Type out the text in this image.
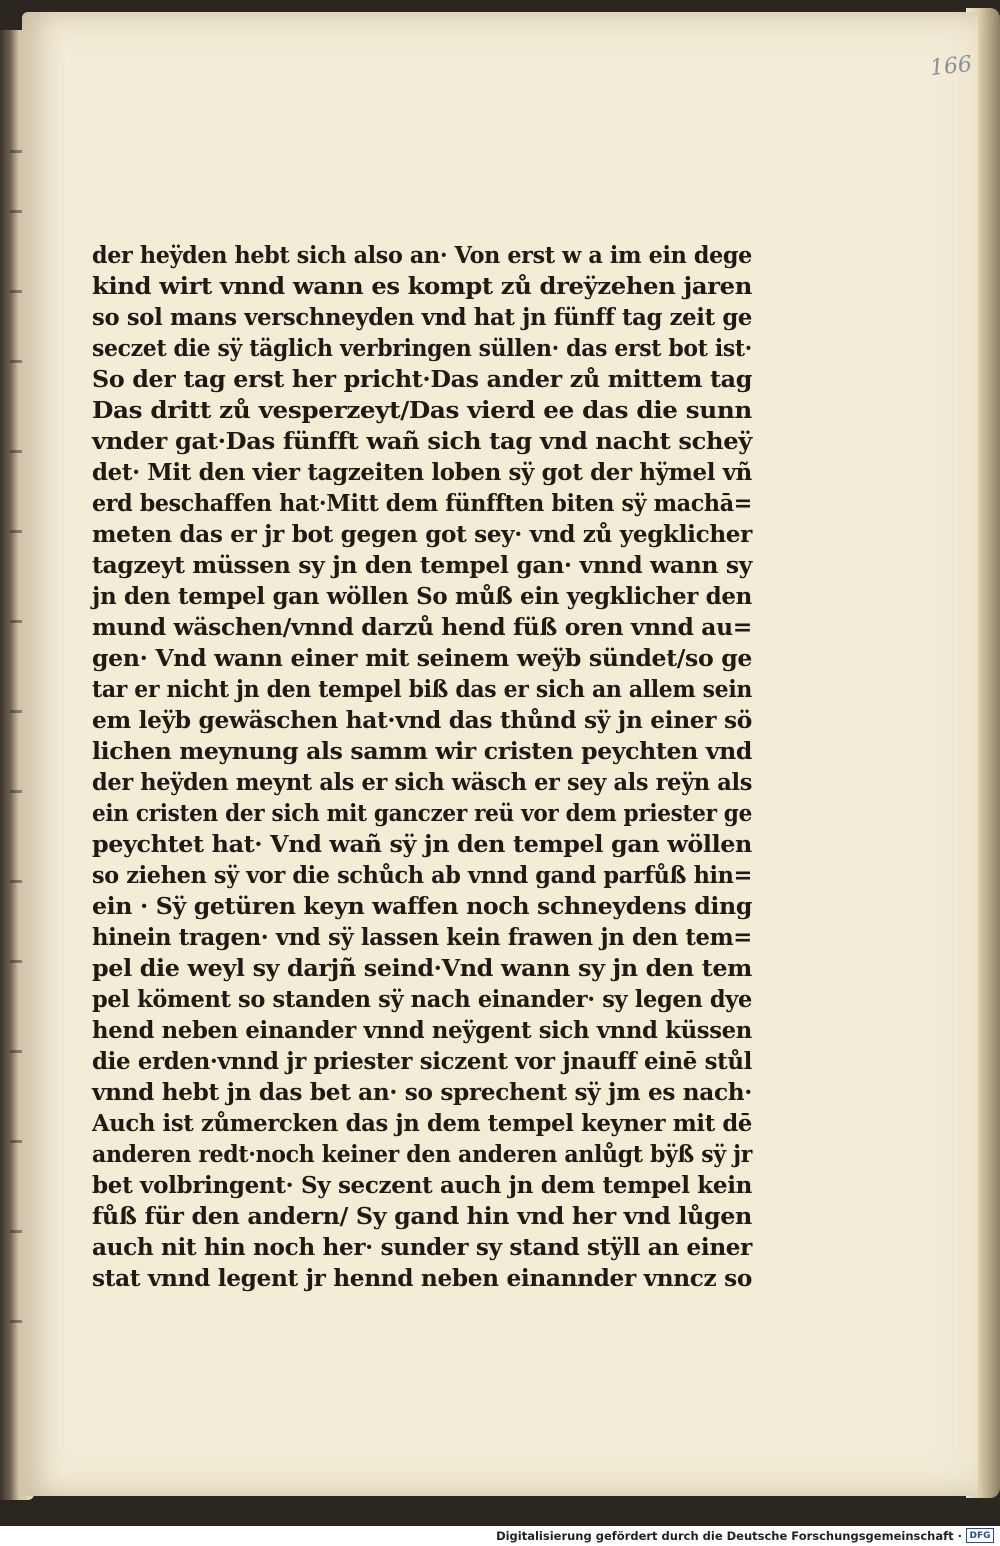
166
der heÿden hebt sich also an· Von erst w a im ein dege
kind wirt vnnd wann es kompt zů dreÿzehen jaren
so sol mans verschneyden vnd hat jn fünff tag zeit ge
seczet die sÿ täglich verbringen süllen· das erst bot ist·
So der tag erst her pricht·Das ander zů mittem tag
Das dritt zů vesperzeyt/Das vierd ee das die sunn
vnder gat·Das fünfft wañ sich tag vnd nacht scheÿ
det· Mit den vier tagzeiten loben sÿ got der hÿmel vñ
erd beschaffen hat·Mitt dem fünfften biten sÿ machā=
meten das er jr bot gegen got sey· vnd zů yegklicher
tagzeyt müssen sy jn den tempel gan· vnnd wann sy
jn den tempel gan wöllen So můß ein yegklicher den
mund wäschen/vnnd darzů hend füß oren vnnd au=
gen· Vnd wann einer mit seinem weÿb sündet/so ge
tar er nicht jn den tempel biß das er sich an allem sein
em leÿb gewäschen hat·vnd das thůnd sÿ jn einer sö
lichen meynung als samm wir cristen peychten vnd
der heÿden meynt als er sich wäsch er sey als reÿn als
ein cristen der sich mit ganczer reü vor dem priester ge
peychtet hat· Vnd wañ sÿ jn den tempel gan wöllen
so ziehen sÿ vor die schůch ab vnnd gand parfůß hin=
ein · Sÿ getüren keyn waffen noch schneydens ding
hinein tragen· vnd sÿ lassen kein frawen jn den tem=
pel die weyl sy darjñ seind·Vnd wann sy jn den tem
pel köment so standen sÿ nach einander· sy legen dye
hend neben einander vnnd neÿgent sich vnnd küssen
die erden·vnnd jr priester siczent vor jnauff einē stůl
vnnd hebt jn das bet an· so sprechent sÿ jm es nach·
Auch ist zůmercken das jn dem tempel keyner mit dē
anderen redt·noch keiner den anderen anlůgt bÿß sÿ jr
bet volbringent· Sy seczent auch jn dem tempel kein
fůß für den andern/ Sy gand hin vnd her vnd lůgen
auch nit hin noch her· sunder sy stand stÿll an einer
stat vnnd legent jr hennd neben einannder vnncz so
Digitalisierung gefördert durch die Deutsche Forschungsgemeinschaft · DFG
